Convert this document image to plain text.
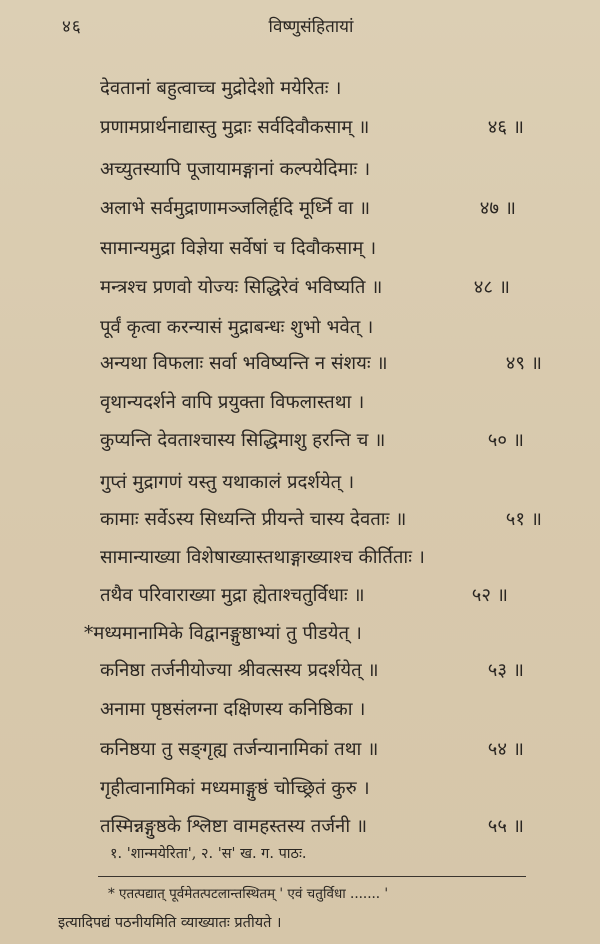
४६	विष्णुसंहितायां
देवतानां बहुत्वाच्च मुद्रोदेशो मयेरितः ।
प्रणामप्रार्थनाद्यास्तु मुद्राः सर्वदिवौकसाम् ॥	४६ ॥
अच्युतस्यापि पूजायामङ्गानां कल्पयेदिमाः ।
अलाभे सर्वमुद्राणामञ्जलिर्हृदि मूर्ध्नि वा ॥	४७ ॥
सामान्यमुद्रा विज्ञेया सर्वेषां च दिवौकसाम् ।
मन्त्रश्च प्रणवो योज्यः सिद्धिरेवं भविष्यति ॥	४८ ॥
पूर्वं कृत्वा करन्यासं मुद्राबन्धः शुभो भवेत् ।
अन्यथा विफलाः सर्वा भविष्यन्ति न संशयः ॥	४९ ॥
वृथान्यदर्शने वापि प्रयुक्ता विफलास्तथा ।
कुप्यन्ति देवताश्चास्य सिद्धिमाशु हरन्ति च ॥	५० ॥
गुप्तं मुद्रागणं यस्तु यथाकालं प्रदर्शयेत् ।
कामाः सर्वेऽस्य सिध्यन्ति प्रीयन्ते चास्य देवताः ॥	५१ ॥
सामान्याख्या विशेषाख्यास्तथाङ्गाख्याश्च कीर्तिताः ।
तथैव परिवाराख्या मुद्रा ह्येताश्चतुर्विधाः ॥	५२ ॥
*मध्यमानामिके विद्वानङ्गुष्ठाभ्यां तु पीडयेत् ।
कनिष्ठा तर्जनीयोज्या श्रीवत्सस्य प्रदर्शयेत् ॥	५३ ॥
अनामा पृष्ठसंलग्ना दक्षिणस्य कनिष्ठिका ।
कनिष्ठया तु सङ्गृह्य तर्जन्यानामिकां तथा ॥	५४ ॥
गृहीत्वानामिकां मध्यमाङ्गुष्ठं चोच्छ्रितं कुरु ।
तस्मिन्नङ्गुष्ठके श्लिष्टा वामहस्तस्य तर्जनी ॥	५५ ॥
१. 'शान्मयेरिता', २. 'स' ख. ग. पाठः.
* एतत्पद्यात् पूर्वमेतत्पटलान्तस्थितम् ' एवं चतुर्विधा ....... '
इत्यादिपद्यं पठनीयमिति व्याख्यातः प्रतीयते ।
